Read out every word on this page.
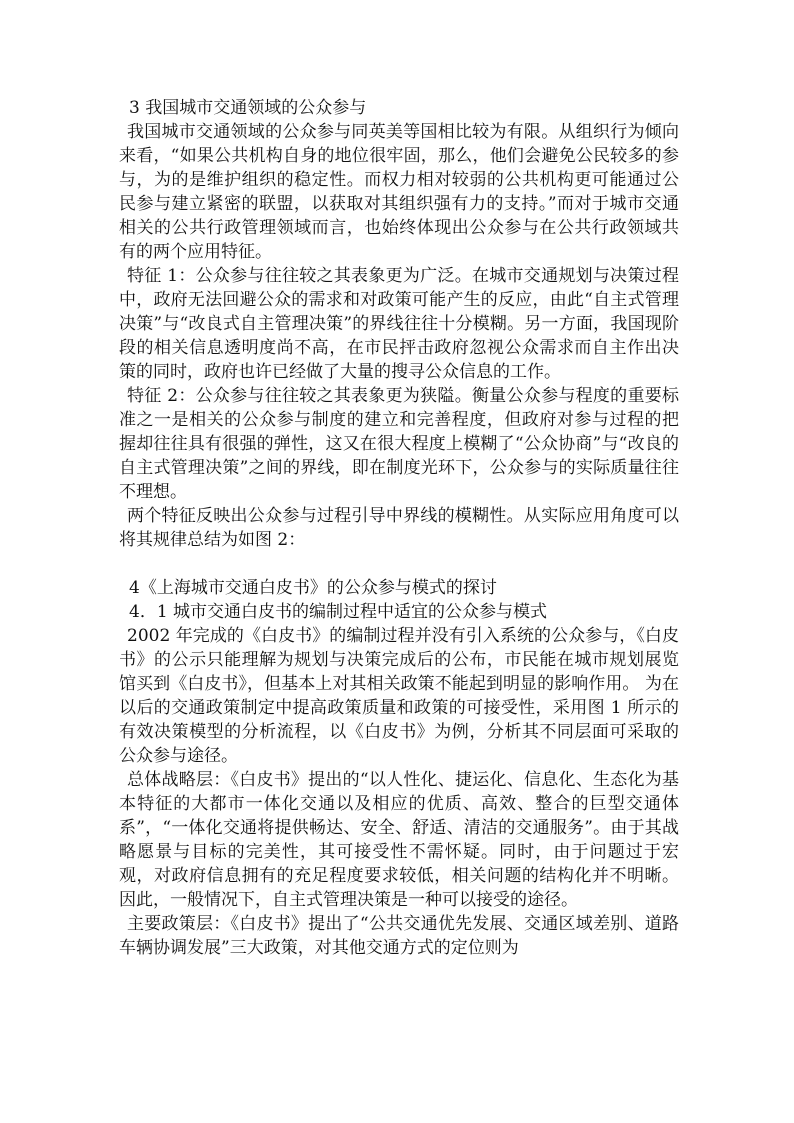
3 我国城市交通领域的公众参与

我国城市交通领域的公众参与同英美等国相比较为有限。从组织行为倾向来看，“如果公共机构自身的地位很牢固，那么，他们会避免公民较多的参与，为的是维护组织的稳定性。而权力相对较弱的公共机构更可能通过公民参与建立紧密的联盟，以获取对其组织强有力的支持。”而对于城市交通相关的公共行政管理领域而言，也始终体现出公众参与在公共行政领域共有的两个应用特征。

特征 1：公众参与往往较之其表象更为广泛。在城市交通规划与决策过程中，政府无法回避公众的需求和对政策可能产生的反应，由此“自主式管理决策”与“改良式自主管理决策”的界线往往十分模糊。另一方面，我国现阶段的相关信息透明度尚不高，在市民抨击政府忽视公众需求而自主作出决策的同时，政府也许已经做了大量的搜寻公众信息的工作。

特征 2：公众参与往往较之其表象更为狭隘。衡量公众参与程度的重要标准之一是相关的公众参与制度的建立和完善程度，但政府对参与过程的把握却往往具有很强的弹性，这又在很大程度上模糊了“公众协商”与“改良的自主式管理决策”之间的界线，即在制度光环下，公众参与的实际质量往往不理想。

两个特征反映出公众参与过程引导中界线的模糊性。从实际应用角度可以将其规律总结为如图 2：

4《上海城市交通白皮书》的公众参与模式的探讨

4．1 城市交通白皮书的编制过程中适宜的公众参与模式

2002 年完成的《白皮书》的编制过程并没有引入系统的公众参与，《白皮书》的公示只能理解为规划与决策完成后的公布，市民能在城市规划展览馆买到《白皮书》，但基本上对其相关政策不能起到明显的影响作用。 为在以后的交通政策制定中提高政策质量和政策的可接受性，采用图 1 所示的有效决策模型的分析流程，以《白皮书》为例，分析其不同层面可采取的公众参与途径。

总体战略层：《白皮书》提出的“以人性化、捷运化、信息化、生态化为基本特征的大都市一体化交通以及相应的优质、高效、整合的巨型交通体系”，“一体化交通将提供畅达、安全、舒适、清洁的交通服务”。由于其战略愿景与目标的完美性，其可接受性不需怀疑。同时，由于问题过于宏观，对政府信息拥有的充足程度要求较低，相关问题的结构化并不明晰。因此，一般情况下，自主式管理决策是一种可以接受的途径。

主要政策层：《白皮书》提出了“公共交通优先发展、交通区域差别、道路车辆协调发展”三大政策，对其他交通方式的定位则为
